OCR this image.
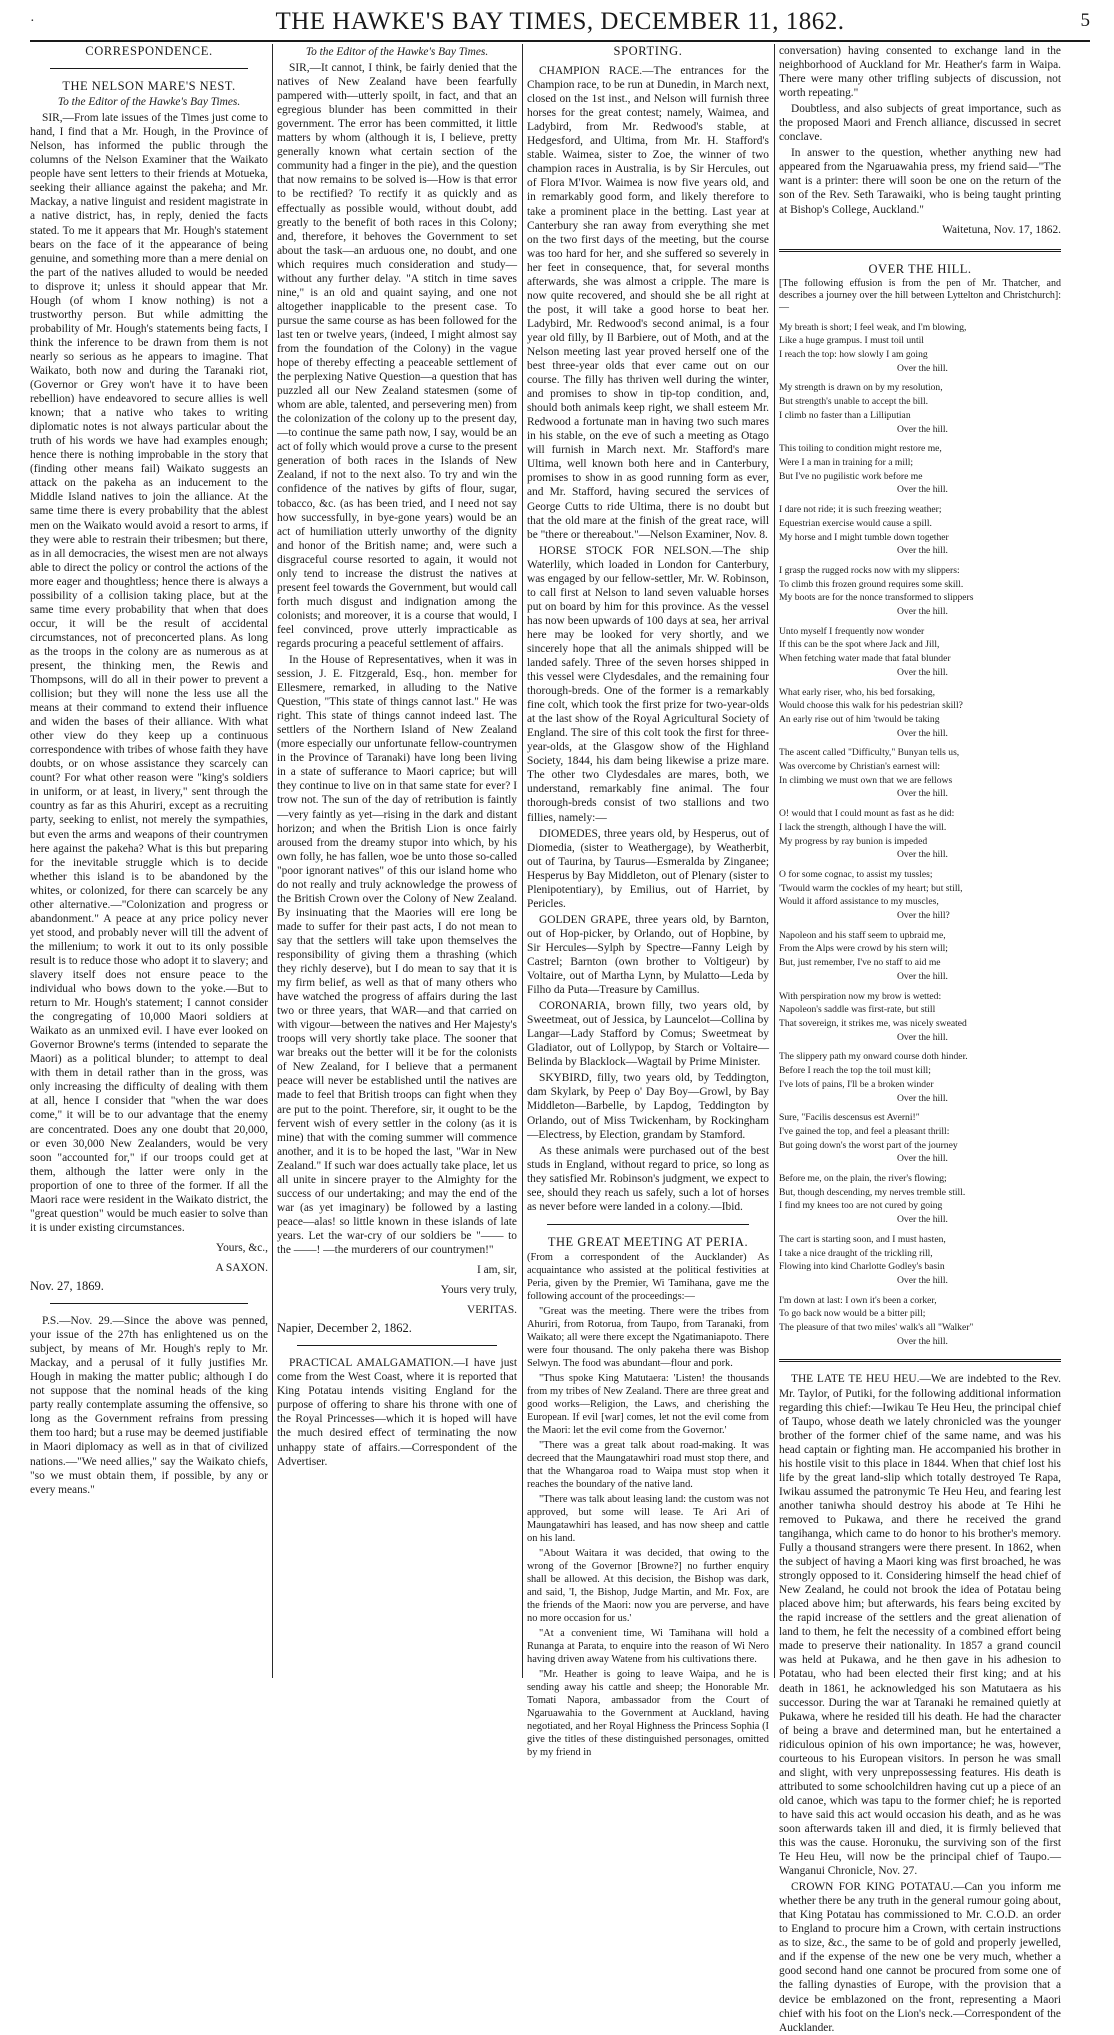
·	THE HAWKE'S BAY TIMES, DECEMBER 11, 1862.	5
CORRESPONDENCE.
THE NELSON MARE'S NEST.

To the Editor of the Hawke's Bay Times.

SIR,—From late issues of the Times just come to hand, I find that a Mr. Hough, in the Province of Nelson, has informed the public through the columns of the Nelson Examiner that the Waikato people have sent letters to their friends at Motueka, seeking their alliance against the pakeha; and Mr. Mackay, a native linguist and resident magistrate in a native district, has, in reply, denied the facts stated. To me it appears that Mr. Hough's statement bears on the face of it the appearance of being genuine, and something more than a mere denial on the part of the natives alluded to would be needed to disprove it; unless it should appear that Mr. Hough (of whom I know nothing) is not a trustworthy person. But while admitting the probability of Mr. Hough's statements being facts, I think the inference to be drawn from them is not nearly so serious as he appears to imagine. That Waikato, both now and during the Taranaki riot, (Governor or Grey won't have it to have been rebellion) have endeavored to secure allies is well known; that a native who takes to writing diplomatic notes is not always particular about the truth of his words we have had examples enough; hence there is nothing improbable in the story that (finding other means fail) Waikato suggests an attack on the pakeha as an inducement to the Middle Island natives to join the alliance. At the same time there is every probability that the ablest men on the Waikato would avoid a resort to arms, if they were able to restrain their tribesmen; but there, as in all democracies, the wisest men are not always able to direct the policy or control the actions of the more eager and thoughtless; hence there is always a possibility of a collision taking place, but at the same time every probability that when that does occur, it will be the result of accidental circumstances, not of preconcerted plans. As long as the troops in the colony are as numerous as at present, the thinking men, the Rewis and Thompsons, will do all in their power to prevent a collision; but they will none the less use all the means at their command to extend their influence and widen the bases of their alliance. With what other view do they keep up a continuous correspondence with tribes of whose faith they have doubts, or on whose assistance they scarcely can count? For what other reason were "king's soldiers in uniform, or at least, in livery," sent through the country as far as this Ahuriri, except as a recruiting party, seeking to enlist, not merely the sympathies, but even the arms and weapons of their countrymen here against the pakeha? What is this but preparing for the inevitable struggle which is to decide whether this island is to be abandoned by the whites, or colonized, for there can scarcely be any other alternative.—"Colonization and progress or abandonment." A peace at any price policy never yet stood, and probably never will till the advent of the millenium; to work it out to its only possible result is to reduce those who adopt it to slavery; and slavery itself does not ensure peace to the individual who bows down to the yoke.—But to return to Mr. Hough's statement; I cannot consider the congregating of 10,000 Maori soldiers at Waikato as an unmixed evil. I have ever looked on Governor Browne's terms (intended to separate the Maori) as a political blunder; to attempt to deal with them in detail rather than in the gross, was only increasing the difficulty of dealing with them at all, hence I consider that "when the war does come," it will be to our advantage that the enemy are concentrated. Does any one doubt that 20,000, or even 30,000 New Zealanders, would be very soon "accounted for," if our troops could get at them, although the latter were only in the proportion of one to three of the former. If all the Maori race were resident in the Waikato district, the "great question" would be much easier to solve than it is under existing circumstances.

Yours, &c.,

A SAXON.

Nov. 27, 1869.

P.S.—Nov. 29.—Since the above was penned, your issue of the 27th has enlightened us on the subject, by means of Mr. Hough's reply to Mr. Mackay, and a perusal of it fully justifies Mr. Hough in making the matter public; although I do not suppose that the nominal heads of the king party really contemplate assuming the offensive, so long as the Government refrains from pressing them too hard; but a ruse may be deemed justifiable in Maori diplomacy as well as in that of civilized nations.—"We need allies," say the Waikato chiefs, "so we must obtain them, if possible, by any or every means."

To the Editor of the Hawke's Bay Times.

SIR,—It cannot, I think, be fairly denied that the natives of New Zealand have been fearfully pampered with—utterly spoilt, in fact, and that an egregious blunder has been committed in their government. The error has been committed, it little matters by whom (although it is, I believe, pretty generally known what certain section of the community had a finger in the pie), and the question that now remains to be solved is—How is that error to be rectified? To rectify it as quickly and as effectually as possible would, without doubt, add greatly to the benefit of both races in this Colony; and, therefore, it behoves the Government to set about the task—an arduous one, no doubt, and one which requires much consideration and study—without any further delay. "A stitch in time saves nine," is an old and quaint saying, and one not altogether inapplicable to the present case. To pursue the same course as has been followed for the last ten or twelve years, (indeed, I might almost say from the foundation of the Colony) in the vague hope of thereby effecting a peaceable settlement of the perplexing Native Question—a question that has puzzled all our New Zealand statesmen (some of whom are able, talented, and persevering men) from the colonization of the colony up to the present day,—to continue the same path now, I say, would be an act of folly which would prove a curse to the present generation of both races in the Islands of New Zealand, if not to the next also. To try and win the confidence of the natives by gifts of flour, sugar, tobacco, &c. (as has been tried, and I need not say how successfully, in bye-gone years) would be an act of humiliation utterly unworthy of the dignity and honor of the British name; and, were such a disgraceful course resorted to again, it would not only tend to increase the distrust the natives at present feel towards the Government, but would call forth much disgust and indignation among the colonists; and moreover, it is a course that would, I feel convinced, prove utterly impracticable as regards procuring a peaceful settlement of affairs.

In the House of Representatives, when it was in session, J. E. Fitzgerald, Esq., hon. member for Ellesmere, remarked, in alluding to the Native Question, "This state of things cannot last." He was right. This state of things cannot indeed last. The settlers of the Northern Island of New Zealand (more especially our unfortunate fellow-countrymen in the Province of Taranaki) have long been living in a state of sufferance to Maori caprice; but will they continue to live on in that same state for ever? I trow not. The sun of the day of retribution is faintly—very faintly as yet—rising in the dark and distant horizon; and when the British Lion is once fairly aroused from the dreamy stupor into which, by his own folly, he has fallen, woe be unto those so-called "poor ignorant natives" of this our island home who do not really and truly acknowledge the prowess of the British Crown over the Colony of New Zealand. By insinuating that the Maories will ere long be made to suffer for their past acts, I do not mean to say that the settlers will take upon themselves the responsibility of giving them a thrashing (which they richly deserve), but I do mean to say that it is my firm belief, as well as that of many others who have watched the progress of affairs during the last two or three years, that WAR—and that carried on with vigour—between the natives and Her Majesty's troops will very shortly take place. The sooner that war breaks out the better will it be for the colonists of New Zealand, for I believe that a permanent peace will never be established until the natives are made to feel that British troops can fight when they are put to the point. Therefore, sir, it ought to be the fervent wish of every settler in the colony (as it is mine) that with the coming summer will commence another, and it is to be hoped the last, "War in New Zealand." If such war does actually take place, let us all unite in sincere prayer to the Almighty for the success of our undertaking; and may the end of the war (as yet imaginary) be followed by a lasting peace—alas! so little known in these islands of late years. Let the war-cry of our soldiers be "—— to the ——! —the murderers of our countrymen!"

I am, sir,

Yours very truly,

VERITAS.

Napier, December 2, 1862.

PRACTICAL AMALGAMATION.—I have just come from the West Coast, where it is reported that King Potatau intends visiting England for the purpose of offering to share his throne with one of the Royal Princesses—which it is hoped will have the much desired effect of terminating the now unhappy state of affairs.—Correspondent of the Advertiser.

SPORTING.

CHAMPION RACE.—The entrances for the Champion race, to be run at Dunedin, in March next, closed on the 1st inst., and Nelson will furnish three horses for the great contest; namely, Waimea, and Ladybird, from Mr. Redwood's stable, at Hedgesford, and Ultima, from Mr. H. Stafford's stable. Waimea, sister to Zoe, the winner of two champion races in Australia, is by Sir Hercules, out of Flora M'Ivor. Waimea is now five years old, and in remarkably good form, and likely therefore to take a prominent place in the betting. Last year at Canterbury she ran away from everything she met on the two first days of the meeting, but the course was too hard for her, and she suffered so severely in her feet in consequence, that, for several months afterwards, she was almost a cripple. The mare is now quite recovered, and should she be all right at the post, it will take a good horse to beat her. Ladybird, Mr. Redwood's second animal, is a four year old filly, by Il Barbiere, out of Moth, and at the Nelson meeting last year proved herself one of the best three-year olds that ever came out on our course. The filly has thriven well during the winter, and promises to show in tip-top condition, and, should both animals keep right, we shall esteem Mr. Redwood a fortunate man in having two such mares in his stable, on the eve of such a meeting as Otago will furnish in March next. Mr. Stafford's mare Ultima, well known both here and in Canterbury, promises to show in as good running form as ever, and Mr. Stafford, having secured the services of George Cutts to ride Ultima, there is no doubt but that the old mare at the finish of the great race, will be "there or thereabout."—Nelson Examiner, Nov. 8.

HORSE STOCK FOR NELSON.—The ship Waterlily, which loaded in London for Canterbury, was engaged by our fellow-settler, Mr. W. Robinson, to call first at Nelson to land seven valuable horses put on board by him for this province. As the vessel has now been upwards of 100 days at sea, her arrival here may be looked for very shortly, and we sincerely hope that all the animals shipped will be landed safely. Three of the seven horses shipped in this vessel were Clydesdales, and the remaining four thorough-breds. One of the former is a remarkably fine colt, which took the first prize for two-year-olds at the last show of the Royal Agricultural Society of England. The sire of this colt took the first for three-year-olds, at the Glasgow show of the Highland Society, 1844, his dam being likewise a prize mare. The other two Clydesdales are mares, both, we understand, remarkably fine animal. The four thorough-breds consist of two stallions and two fillies, namely:—

DIOMEDES, three years old, by Hesperus, out of Diomedia, (sister to Weathergage), by Weatherbit, out of Taurina, by Taurus—Esmeralda by Zinganee; Hesperus by Bay Middleton, out of Plenary (sister to Plenipotentiary), by Emilius, out of Harriet, by Pericles.

GOLDEN GRAPE, three years old, by Barnton, out of Hop-picker, by Orlando, out of Hopbine, by Sir Hercules—Sylph by Spectre—Fanny Leigh by Castrel; Barnton (own brother to Voltigeur) by Voltaire, out of Martha Lynn, by Mulatto—Leda by Filho da Puta—Treasure by Camillus.

CORONARIA, brown filly, two years old, by Sweetmeat, out of Jessica, by Launcelot—Collina by Langar—Lady Stafford by Comus; Sweetmeat by Gladiator, out of Lollypop, by Starch or Voltaire—Belinda by Blacklock—Wagtail by Prime Minister.

SKYBIRD, filly, two years old, by Teddington, dam Skylark, by Peep o' Day Boy—Growl, by Bay Middleton—Barbelle, by Lapdog, Teddington by Orlando, out of Miss Twickenham, by Rockingham—Electress, by Election, grandam by Stamford.

As these animals were purchased out of the best studs in England, without regard to price, so long as they satisfied Mr. Robinson's judgment, we expect to see, should they reach us safely, such a lot of horses as never before were landed in a colony.—Ibid.

THE GREAT MEETING AT PERIA.

(From a correspondent of the Aucklander) As acquaintance who assisted at the political festivities at Peria, given by the Premier, Wi Tamihana, gave me the following account of the proceedings:—

"Great was the meeting. There were the tribes from Ahuriri, from Rotorua, from Taupo, from Taranaki, from Waikato; all were there except the Ngatimaniapoto. There were four thousand. The only pakeha there was Bishop Selwyn. The food was abundant—flour and pork.

"Thus spoke King Matutaera: 'Listen! the thousands from my tribes of New Zealand. There are three great and good works—Religion, the Laws, and cherishing the European. If evil [war] comes, let not the evil come from the Maori: let the evil come from the Governor.'

"There was a great talk about road-making. It was decreed that the Maungatawhiri road must stop there, and that the Whangaroa road to Waipa must stop when it reaches the boundary of the native land.

"There was talk about leasing land: the custom was not approved, but some will lease. Te Ari Ari of Maungatawhiri has leased, and has now sheep and cattle on his land.

"About Waitara it was decided, that owing to the wrong of the Governor [Browne?] no further enquiry shall be allowed. At this decision, the Bishop was dark, and said, 'I, the Bishop, Judge Martin, and Mr. Fox, are the friends of the Maori: now you are perverse, and have no more occasion for us.'

"At a convenient time, Wi Tamihana will hold a Runanga at Parata, to enquire into the reason of Wi Nero having driven away Watene from his cultivations there.

"Mr. Heather is going to leave Waipa, and he is sending away his cattle and sheep; the Honorable Mr. Tomati Napora, ambassador from the Court of Ngaruawahia to the Government at Auckland, having negotiated, and her Royal Highness the Princess Sophia (I give the titles of these distinguished personages, omitted by my friend in

conversation) having consented to exchange land in the neighborhood of Auckland for Mr. Heather's farm in Waipa. There were many other trifling subjects of discussion, not worth repeating."

Doubtless, and also subjects of great importance, such as the proposed Maori and French alliance, discussed in secret conclave.

In answer to the question, whether anything new had appeared from the Ngaruawahia press, my friend said—"The want is a printer: there will soon be one on the return of the son of the Rev. Seth Tarawaiki, who is being taught printing at Bishop's College, Auckland."

Waitetuna, Nov. 17, 1862.

OVER THE HILL.

[The following effusion is from the pen of Mr. Thatcher, and describes a journey over the hill between Lyttelton and Christchurch]:—

My breath is short; I feel weak, and I'm blowing,

Like a huge grampus. I must toil until

I reach the top: how slowly I am going

Over the hill.

My strength is drawn on by my resolution,

But strength's unable to accept the bill.

I climb no faster than a Lilliputian

Over the hill.

This toiling to condition might restore me,

Were I a man in training for a mill;

But I've no pugilistic work before me

Over the hill.

I dare not ride; it is such freezing weather;

Equestrian exercise would cause a spill.

My horse and I might tumble down together

Over the hill.

I grasp the rugged rocks now with my slippers:

To climb this frozen ground requires some skill.

My boots are for the nonce transformed to slippers

Over the hill.

Unto myself I frequently now wonder

If this can be the spot where Jack and Jill,

When fetching water made that fatal blunder

Over the hill.

What early riser, who, his bed forsaking,

Would choose this walk for his pedestrian skill?

An early rise out of him 'twould be taking

Over the hill.

The ascent called "Difficulty," Bunyan tells us,

Was overcome by Christian's earnest will:

In climbing we must own that we are fellows

Over the hill.

O! would that I could mount as fast as he did:

I lack the strength, although I have the will.

My progress by ray bunion is impeded

Over the hill.

O for some cognac, to assist my tussles;

'Twould warm the cockles of my heart; but still,

Would it afford assistance to my muscles,

Over the hill?

Napoleon and his staff seem to upbraid me,

From the Alps were crowd by his stern will;

But, just remember, I've no staff to aid me

Over the hill.

With perspiration now my brow is wetted:

Napoleon's saddle was first-rate, but still

That sovereign, it strikes me, was nicely sweated

Over the hill.

The slippery path my onward course doth hinder.

Before I reach the top the toil must kill;

I've lots of pains, I'll be a broken winder

Over the hill.

Sure, "Facilis descensus est Averni!"

I've gained the top, and feel a pleasant thrill:

But going down's the worst part of the journey

Over the hill.

Before me, on the plain, the river's flowing;

But, though descending, my nerves tremble still.

I find my knees too are not cured by going

Over the hill.

The cart is starting soon, and I must hasten,

I take a nice draught of the trickling rill,

Flowing into kind Charlotte Godley's basin

Over the hill.

I'm down at last: I own it's been a corker,

To go back now would be a bitter pill;

The pleasure of that two miles' walk's all "Walker"

Over the hill.

THE LATE TE HEU HEU.—We are indebted to the Rev. Mr. Taylor, of Putiki, for the following additional information regarding this chief:—Iwikau Te Heu Heu, the principal chief of Taupo, whose death we lately chronicled was the younger brother of the former chief of the same name, and was his head captain or fighting man. He accompanied his brother in his hostile visit to this place in 1844. When that chief lost his life by the great land-slip which totally destroyed Te Rapa, Iwikau assumed the patronymic Te Heu Heu, and fearing lest another taniwha should destroy his abode at Te Hihi he removed to Pukawa, and there he received the grand tangihanga, which came to do honor to his brother's memory. Fully a thousand strangers were there present. In 1862, when the subject of having a Maori king was first broached, he was strongly opposed to it. Considering himself the head chief of New Zealand, he could not brook the idea of Potatau being placed above him; but afterwards, his fears being excited by the rapid increase of the settlers and the great alienation of land to them, he felt the necessity of a combined effort being made to preserve their nationality. In 1857 a grand council was held at Pukawa, and he then gave in his adhesion to Potatau, who had been elected their first king; and at his death in 1861, he acknowledged his son Matutaera as his successor. During the war at Taranaki he remained quietly at Pukawa, where he resided till his death. He had the character of being a brave and determined man, but he entertained a ridiculous opinion of his own importance; he was, however, courteous to his European visitors. In person he was small and slight, with very unprepossessing features. His death is attributed to some schoolchildren having cut up a piece of an old canoe, which was tapu to the former chief; he is reported to have said this act would occasion his death, and as he was soon afterwards taken ill and died, it is firmly believed that this was the cause. Horonuku, the surviving son of the first Te Heu Heu, will now be the principal chief of Taupo.—Wanganui Chronicle, Nov. 27.

CROWN FOR KING POTATAU.—Can you inform me whether there be any truth in the general rumour going about, that King Potatau has commissioned to Mr. C.O.D. an order to England to procure him a Crown, with certain instructions as to size, &c., the same to be of gold and properly jewelled, and if the expense of the new one be very much, whether a good second hand one cannot be procured from some one of the falling dynasties of Europe, with the provision that a device be emblazoned on the front, representing a Maori chief with his foot on the Lion's neck.—Correspondent of the Aucklander.
